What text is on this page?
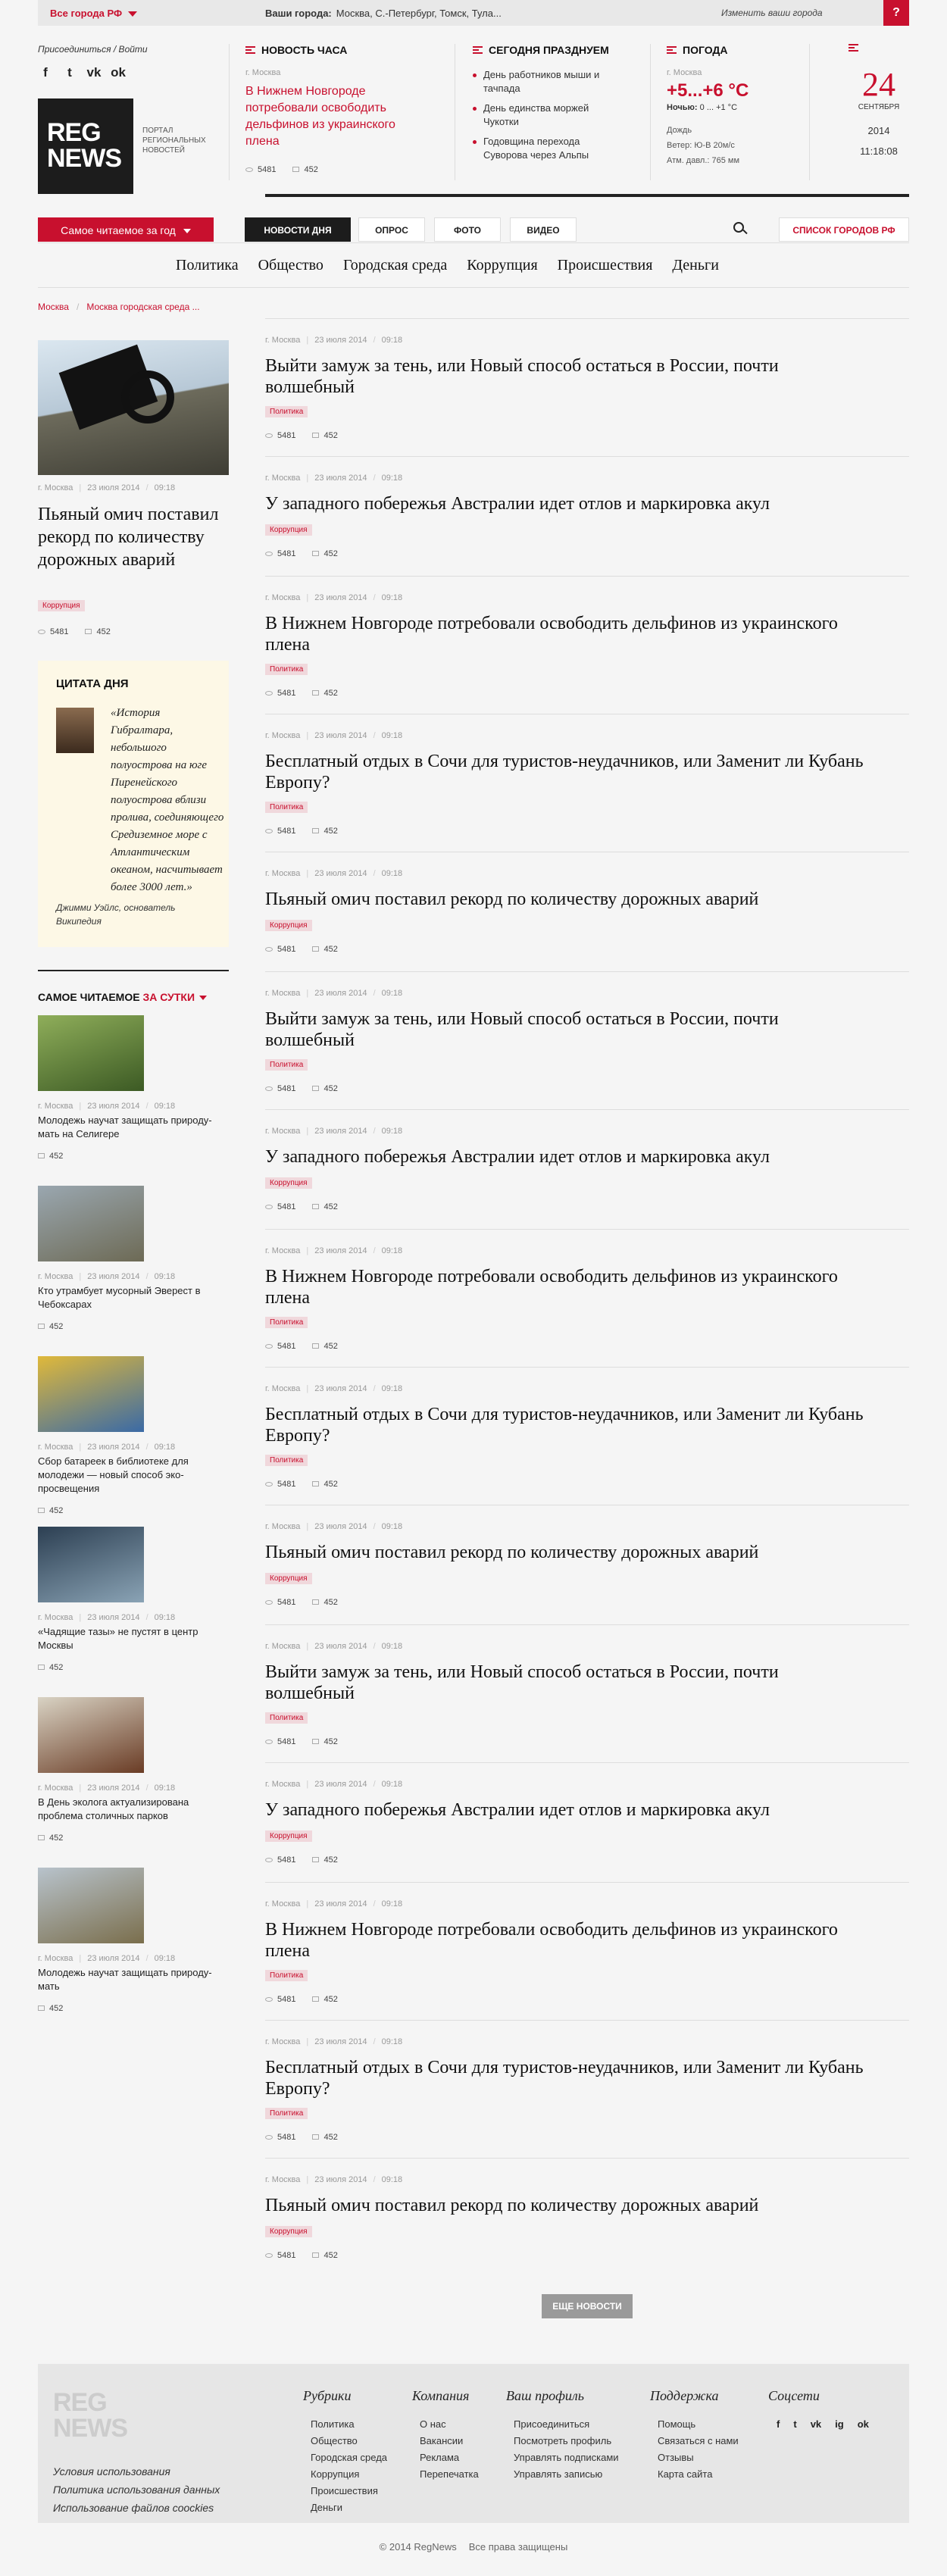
Все города РФ	Ваши города: Москва, С.-Петербург, Томск, Тула...	Изменить ваши города	?
Присоединиться / Войти
f	t	vk ok
REG
NEWS
ПОРТАЛ РЕГИОНАЛЬНЫХ НОВОСТЕЙ
НОВОСТЬ ЧАСА
г. Москва
В Нижнем Новгороде потребовали освободить дельфинов из украинского плена
5481	452
СЕГОДНЯ ПРАЗДНУЕМ
День работников мыши и тачпада
День единства моржей Чукотки
Годовщина перехода Суворова через Альпы
ПОГОДА
г. Москва
+5...+6 °C
Ночью: 0 ... +1 °C
Дождь
Ветер: Ю-В 20м/с
Атм. давл.: 765 мм
24
СЕНТЯБРЯ
2014
11:18:08
Самое читаемое за год	НОВОСТИ ДНЯ	ОПРОС	ФОТО	ВИДЕО	СПИСОК ГОРОДОВ РФ
Политика Общество Городская среда Коррупция Происшествия Деньги
Москва / Москва городская среда ...
г. Москва | 23 июля 2014 / 09:18
Пьяный омич поставил рекорд по количеству дорожных аварий
Коррупция
5481	452
ЦИТАТА ДНЯ
«История Гибралтара, небольшого полуострова на юге Пиренейского полуострова вблизи пролива, соединяющего Средиземное море с Атлантическим океаном, насчитывает более 3000 лет.»
Джимми Уэйлс, основатель Википедия
САМОЕ ЧИТАЕМОЕ ЗА СУТКИ
г. Москва | 23 июля 2014 / 09:18
Молодежь научат защищать природу-мать на Селигере
452
г. Москва | 23 июля 2014 / 09:18
Кто утрамбует мусорный Эверест в Чебоксарах
452
г. Москва | 23 июля 2014 / 09:18
Сбор батареек в библиотеке для молодежи — новый способ эко-просвещения
452
г. Москва | 23 июля 2014 / 09:18
«Чадящие тазы» не пустят в центр Москвы
452
г. Москва | 23 июля 2014 / 09:18
В День эколога актуализирована проблема столичных парков
452
г. Москва | 23 июля 2014 / 09:18
Молодежь научат защищать природу-мать
452
г. Москва | 23 июля 2014 / 09:18
Выйти замуж за тень, или Новый способ остаться в России, почти волшебный
Политика
5481	452
г. Москва | 23 июля 2014 / 09:18
У западного побережья Австралии идет отлов и маркировка акул
Коррупция
5481	452
г. Москва | 23 июля 2014 / 09:18
В Нижнем Новгороде потребовали освободить дельфинов из украинского плена
Политика
5481	452
г. Москва | 23 июля 2014 / 09:18
Бесплатный отдых в Сочи для туристов-неудачников, или Заменит ли Кубань Европу?
Политика
5481	452
г. Москва | 23 июля 2014 / 09:18
Пьяный омич поставил рекорд по количеству дорожных аварий
Коррупция
5481	452
г. Москва | 23 июля 2014 / 09:18
Выйти замуж за тень, или Новый способ остаться в России, почти волшебный
Политика
5481	452
г. Москва | 23 июля 2014 / 09:18
У западного побережья Австралии идет отлов и маркировка акул
Коррупция
5481	452
г. Москва | 23 июля 2014 / 09:18
В Нижнем Новгороде потребовали освободить дельфинов из украинского плена
Политика
5481	452
г. Москва | 23 июля 2014 / 09:18
Бесплатный отдых в Сочи для туристов-неудачников, или Заменит ли Кубань Европу?
Политика
5481	452
г. Москва | 23 июля 2014 / 09:18
Пьяный омич поставил рекорд по количеству дорожных аварий
Коррупция
5481	452
г. Москва | 23 июля 2014 / 09:18
Выйти замуж за тень, или Новый способ остаться в России, почти волшебный
Политика
5481	452
г. Москва | 23 июля 2014 / 09:18
У западного побережья Австралии идет отлов и маркировка акул
Коррупция
5481	452
г. Москва | 23 июля 2014 / 09:18
В Нижнем Новгороде потребовали освободить дельфинов из украинского плена
Политика
5481	452
г. Москва | 23 июля 2014 / 09:18
Бесплатный отдых в Сочи для туристов-неудачников, или Заменит ли Кубань Европу?
Политика
5481	452
г. Москва | 23 июля 2014 / 09:18
Пьяный омич поставил рекорд по количеству дорожных аварий
Коррупция
5481	452
ЕЩЕ НОВОСТИ
REG
NEWS
Условия использования
Политика использования данных
Использование файлов coockies
Рубрики
Политика
Общество
Городская среда
Коррупция
Происшествия
Деньги
Компания
О нас
Вакансии
Реклама
Перепечатка
Ваш профиль
Присоединиться
Посмотреть профиль
Управлять подписками
Управлять записью
Поддержка
Помощь
Связаться с нами
Отзывы
Карта сайта
Соцсети
f t vk ig ok
© 2014 RegNews Все права защищены
